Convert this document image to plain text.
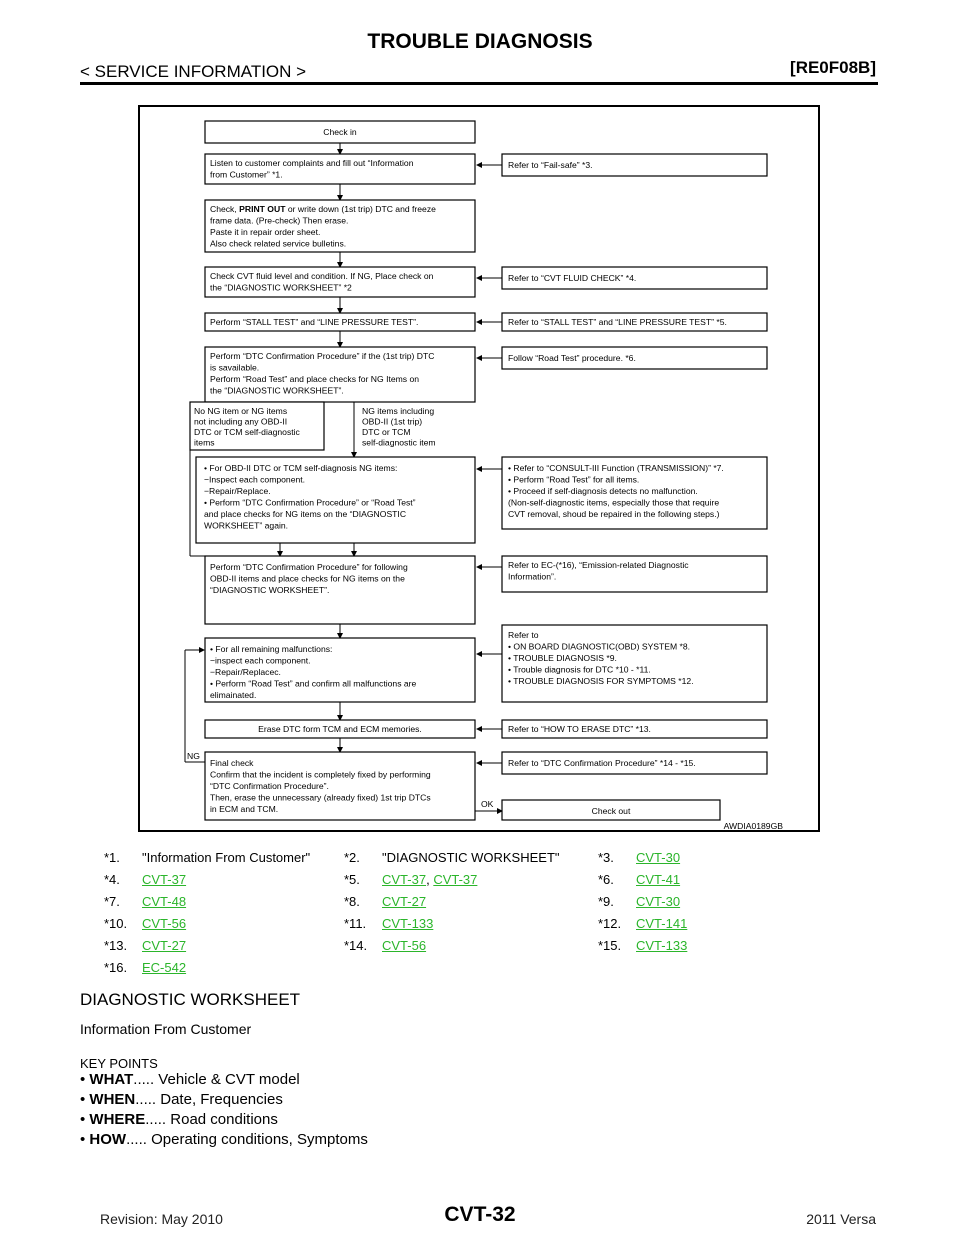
TROUBLE DIAGNOSIS
< SERVICE INFORMATION >	[RE0F08B]
Check in
Listen to customer complaints and fill out “Information
from Customer” *1.
Refer to “Fail-safe” *3.
Check, PRINT OUT or write down (1st trip) DTC and freeze
frame data. (Pre-check) Then erase.
Paste it in repair order sheet.
Also check related service bulletins.
Check CVT fluid level and condition. If NG, Place check on
the “DIAGNOSTIC WORKSHEET” *2
Refer to “CVT FLUID CHECK” *4.
Perform “STALL TEST” and “LINE PRESSURE TEST”.	Refer to “STALL TEST” and “LINE PRESSURE TEST” *5.
Perform “DTC Confirmation Procedure” if the (1st trip) DTC
is savailable.
Perform “Road Test” and place checks for NG Items on
the “DIAGNOSTIC WORKSHEET”.
Follow “Road Test” procedure. *6.
No NG item or NG items
not including any OBD-II
DTC or TCM self-diagnostic
items
NG items including
OBD-II (1st trip)
DTC or TCM
self-diagnostic item
• For OBD-II DTC or TCM self-diagnosis NG items:
−Inspect each component.
−Repair/Replace.
• Perform “DTC Confirmation Procedure” or “Road Test”
and place checks for NG items on the “DIAGNOSTIC
WORKSHEET” again.
• Refer to “CONSULT-III Function (TRANSMISSION)” *7.
• Perform “Road Test” for all items.
• Proceed if self-diagnosis detects no malfunction.
(Non-self-diagnostic items, especially those that require
CVT removal, shoud be repaired in the following steps.)
Perform “DTC Confirmation Procedure” for following
OBD-II items and place checks for NG items on the
“DIAGNOSTIC WORKSHEET”.
Refer to EC-(*16), “Emission-related Diagnostic
Information”.
• For all remaining malfunctions:
−inspect each component.
−Repair/Replacec.
• Perform “Road Test” and confirm all malfunctions are
elimainated.
Refer to
• ON BOARD DIAGNOSTIC(OBD) SYSTEM *8.
• TROUBLE DIAGNOSIS *9.
• Trouble diagnosis for DTC *10 - *11.
• TROUBLE DIAGNOSIS FOR SYMPTOMS *12.
Erase DTC form TCM and ECM memories.	Refer to “HOW TO ERASE DTC” *13.
Final check
Confirm that the incident is completely fixed by performing
“DTC Confirmation Procedure”.
Then, erase the unnecessary (already fixed) 1st trip DTCs
in ECM and TCM.
Refer to “DTC Confirmation Procedure” *14 - *15.
NG
OK
Check out
AWDIA0189GB
*1. "Information From Customer"	*2. "DIAGNOSTIC WORKSHEET"	*3. CVT-30
*4. CVT-37	*5. CVT-37, CVT-37	*6. CVT-41
*7. CVT-48	*8. CVT-27	*9. CVT-30
*10. CVT-56	*11. CVT-133	*12. CVT-141
*13. CVT-27	*14. CVT-56	*15. CVT-133
*16. EC-542
DIAGNOSTIC WORKSHEET
Information From Customer
KEY POINTS
• WHAT..... Vehicle & CVT model
• WHEN..... Date, Frequencies
• WHERE..... Road conditions
• HOW..... Operating conditions, Symptoms
Revision: May 2010	CVT-32	2011 Versa
